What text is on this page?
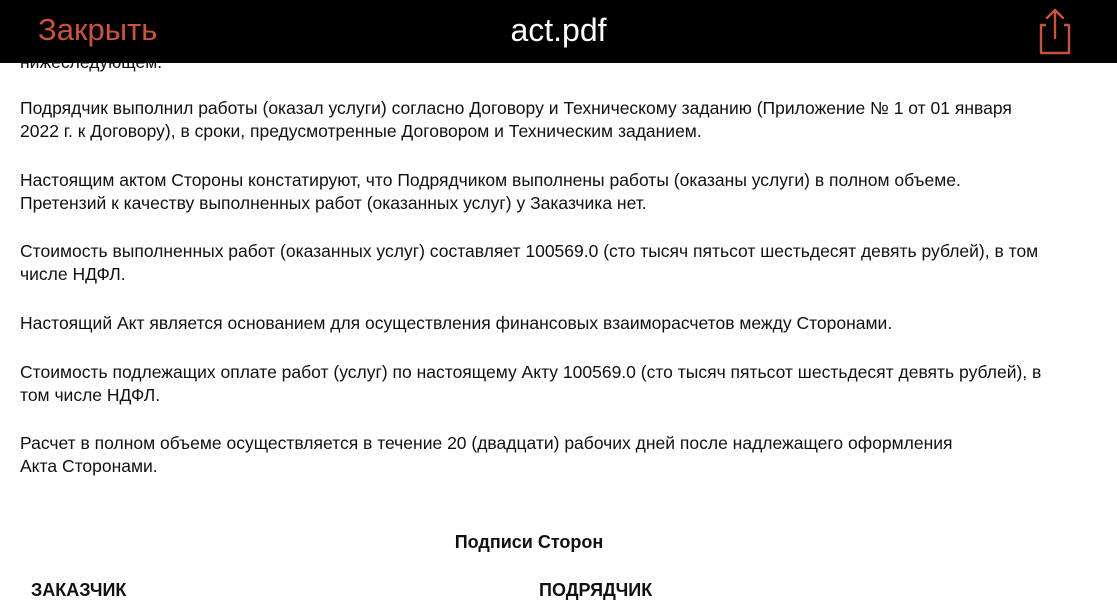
Закрыть	act.pdf

Подрядчик выполнил работы (оказал услуги) согласно Договору и Техническому заданию (Приложение № 1 от 01 января 2022 г. к Договору), в сроки, предусмотренные Договором и Техническим заданием.

Настоящим актом Стороны констатируют, что Подрядчиком выполнены работы (оказаны услуги) в полном объеме. Претензий к качеству выполненных работ (оказанных услуг) у Заказчика нет.

Стоимость выполненных работ (оказанных услуг) составляет 100569.0 (сто тысяч пятьсот шестьдесят девять рублей), в том числе НДФЛ.

Настоящий Акт является основанием для осуществления финансовых взаиморасчетов между Сторонами.

Стоимость подлежащих оплате работ (услуг) по настоящему Акту 100569.0 (сто тысяч пятьсот шестьдесят девять рублей), в том числе НДФЛ.

Расчет в полном объеме осуществляется в течение 20 (двадцати) рабочих дней после надлежащего оформления Акта Сторонами.

Подписи Сторон
ЗАКАЗЧИК	ПОДРЯДЧИК
